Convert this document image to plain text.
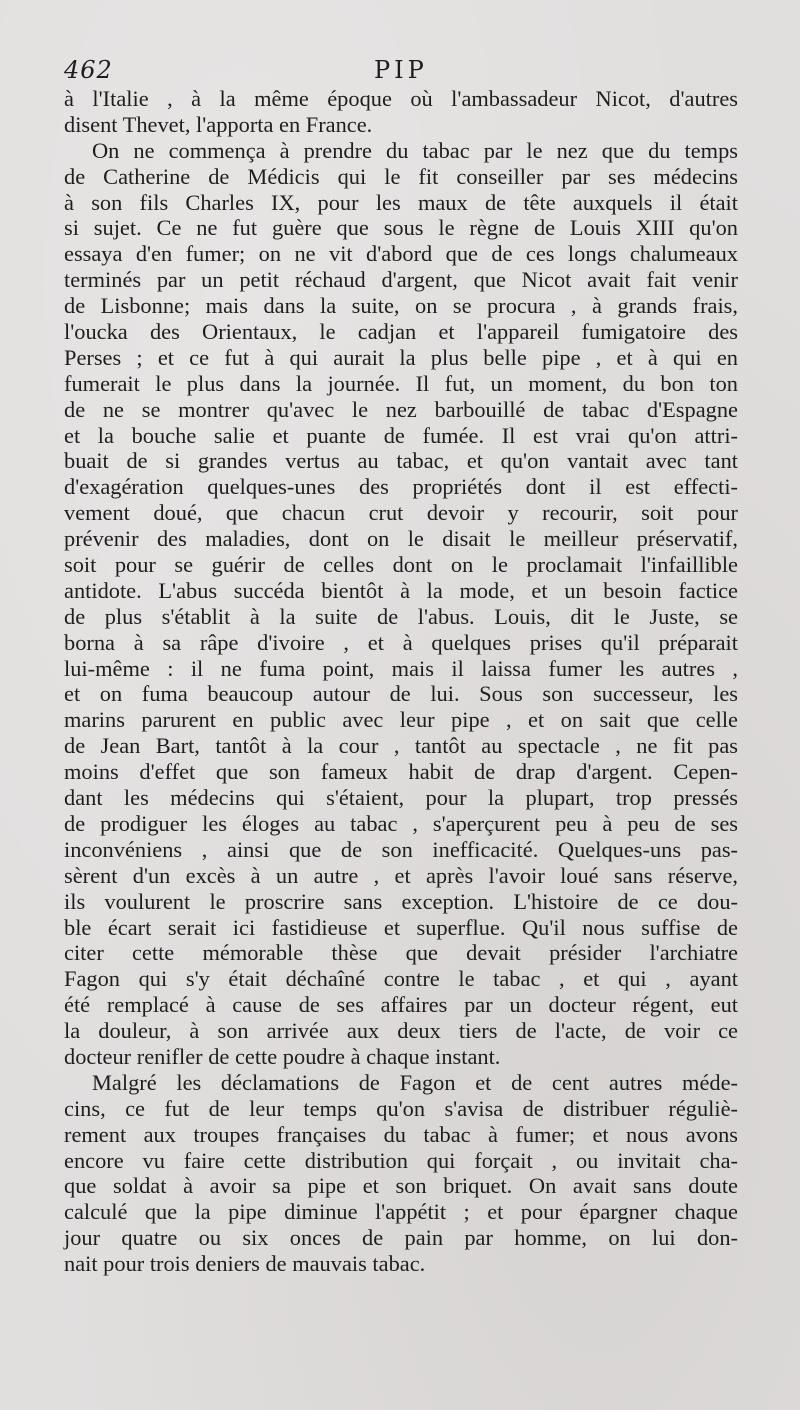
462	PIP
à l'Italie , à la même époque où l'ambassadeur Nicot, d'autres
disent Thevet, l'apporta en France.
On ne commença à prendre du tabac par le nez que du temps
de Catherine de Médicis qui le fit conseiller par ses médecins
à son fils Charles IX, pour les maux de tête auxquels il était
si sujet. Ce ne fut guère que sous le règne de Louis XIII qu'on
essaya d'en fumer; on ne vit d'abord que de ces longs chalumeaux
terminés par un petit réchaud d'argent, que Nicot avait fait venir
de Lisbonne; mais dans la suite, on se procura , à grands frais,
l'oucka des Orientaux, le cadjan et l'appareil fumigatoire des
Perses ; et ce fut à qui aurait la plus belle pipe , et à qui en
fumerait le plus dans la journée. Il fut, un moment, du bon ton
de ne se montrer qu'avec le nez barbouillé de tabac d'Espagne
et la bouche salie et puante de fumée. Il est vrai qu'on attri-
buait de si grandes vertus au tabac, et qu'on vantait avec tant
d'exagération quelques-unes des propriétés dont il est effecti-
vement doué, que chacun crut devoir y recourir, soit pour
prévenir des maladies, dont on le disait le meilleur préservatif,
soit pour se guérir de celles dont on le proclamait l'infaillible
antidote. L'abus succéda bientôt à la mode, et un besoin factice
de plus s'établit à la suite de l'abus. Louis, dit le Juste, se
borna à sa râpe d'ivoire , et à quelques prises qu'il préparait
lui-même : il ne fuma point, mais il laissa fumer les autres ,
et on fuma beaucoup autour de lui. Sous son successeur, les
marins parurent en public avec leur pipe , et on sait que celle
de Jean Bart, tantôt à la cour , tantôt au spectacle , ne fit pas
moins d'effet que son fameux habit de drap d'argent. Cepen-
dant les médecins qui s'étaient, pour la plupart, trop pressés
de prodiguer les éloges au tabac , s'aperçurent peu à peu de ses
inconvéniens , ainsi que de son inefficacité. Quelques-uns pas-
sèrent d'un excès à un autre , et après l'avoir loué sans réserve,
ils voulurent le proscrire sans exception. L'histoire de ce dou-
ble écart serait ici fastidieuse et superflue. Qu'il nous suffise de
citer cette mémorable thèse que devait présider l'archiatre
Fagon qui s'y était déchaîné contre le tabac , et qui , ayant
été remplacé à cause de ses affaires par un docteur régent, eut
la douleur, à son arrivée aux deux tiers de l'acte, de voir ce
docteur renifler de cette poudre à chaque instant.
Malgré les déclamations de Fagon et de cent autres méde-
cins, ce fut de leur temps qu'on s'avisa de distribuer réguliè-
rement aux troupes françaises du tabac à fumer; et nous avons
encore vu faire cette distribution qui forçait , ou invitait cha-
que soldat à avoir sa pipe et son briquet. On avait sans doute
calculé que la pipe diminue l'appétit ; et pour épargner chaque
jour quatre ou six onces de pain par homme, on lui don-
nait pour trois deniers de mauvais tabac.
